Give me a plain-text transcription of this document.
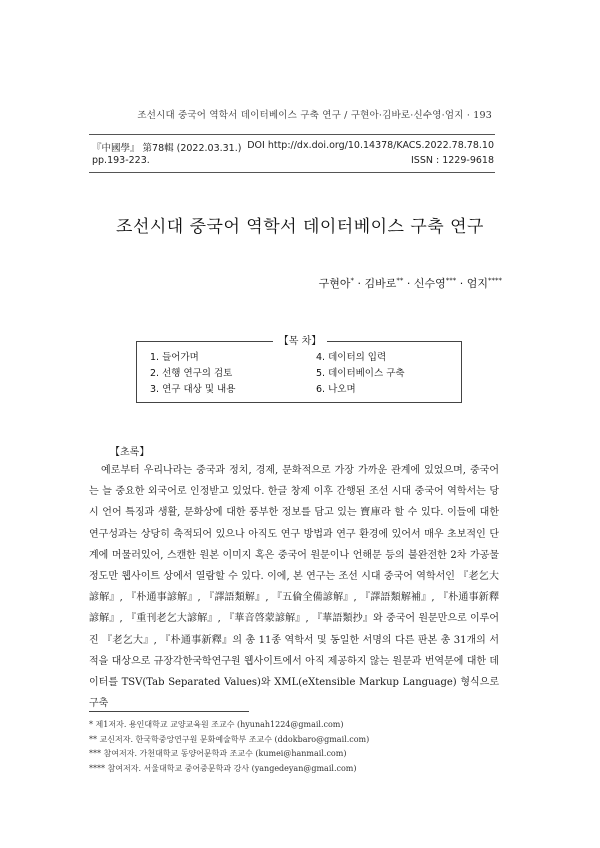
조선시대 중국어 역학서 데이터베이스 구축 연구 / 구현아·김바로·신수영·엄지 · 193
『中國學』 第78輯 (2022.03.31.) DOI http://dx.doi.org/10.14378/KACS.2022.78.78.10
pp.193-223.	ISSN : 1229-9618
조선시대 중국어 역학서 데이터베이스 구축 연구
구현아* · 김바로** · 신수영*** · 엄지****
【목 차】
1. 들어가며
2. 선행 연구의 검토
3. 연구 대상 및 내용
4. 데이터의 입력
5. 데이터베이스 구축
6. 나오며
【초록】
예로부터 우리나라는 중국과 정치, 경제, 문화적으로 가장 가까운 관계에 있었으며, 중국어는 늘 중요한 외국어로 인정받고 있었다. 한글 창제 이후 간행된 조선 시대 중국어 역학서는 당시 언어 특징과 생활, 문화상에 대한 풍부한 정보를 담고 있는 寶庫라 할 수 있다. 이들에 대한 연구성과는 상당히 축적되어 있으나 아직도 연구 방법과 연구 환경에 있어서 매우 초보적인 단계에 머물러있어, 스캔한 원본 이미지 혹은 중국어 원문이나 언해문 등의 불완전한 2차 가공물 정도만 웹사이트 상에서 열람할 수 있다. 이에, 본 연구는 조선 시대 중국어 역학서인 『老乞大諺解』, 『朴通事諺解』, 『譯語類解』, 『五倫全備諺解』, 『譯語類解補』, 『朴通事新釋諺解』, 『重刊老乞大諺解』, 『華音啓蒙諺解』, 『華語類抄』와 중국어 원문만으로 이루어진 『老乞大』, 『朴通事新釋』의 총 11종 역학서 및 동일한 서명의 다른 판본 총 31개의 서적을 대상으로 규장각한국학연구원 웹사이트에서 아직 제공하지 않는 원문과 번역문에 대한 데이터를 TSV(Tab Separated Values)와 XML(eXtensible Markup Language) 형식으로 구축
* 제1저자. 용인대학교 교양교육원 조교수 (hyunah1224@gmail.com)
** 교신저자. 한국학중앙연구원 문화예술학부 조교수 (ddokbaro@gmail.com)
*** 참여저자. 가천대학교 동양어문학과 조교수 (kumei@hanmail.com)
**** 참여저자. 서울대학교 중어중문학과 강사 (yangedeyan@gmail.com)
